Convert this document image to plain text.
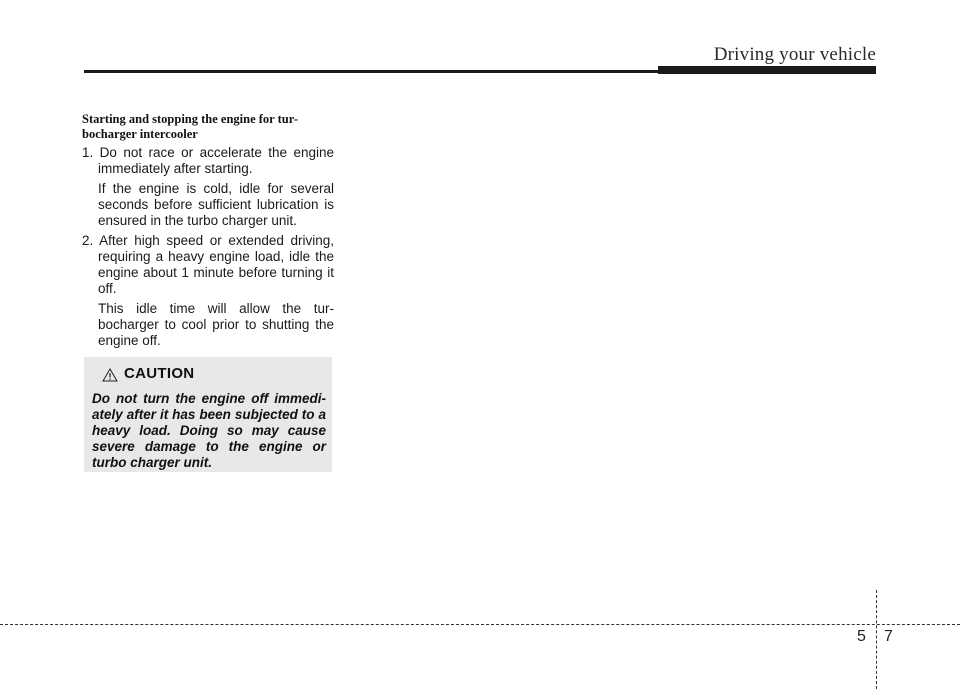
Driving your vehicle
Starting and stopping the engine for tur-
bocharger intercooler
1. Do not race or accelerate the engine immediately after starting.
If the engine is cold, idle for several seconds before sufficient lubrication is ensured in the turbo charger unit.
2. After high speed or extended driving, requiring a heavy engine load, idle the engine about 1 minute before turning it off.
This idle time will allow the tur-bocharger to cool prior to shutting the engine off.
CAUTION
Do not turn the engine off immedi-ately after it has been subjected to a heavy load. Doing so may cause severe damage to the engine or turbo charger unit.
5 7
